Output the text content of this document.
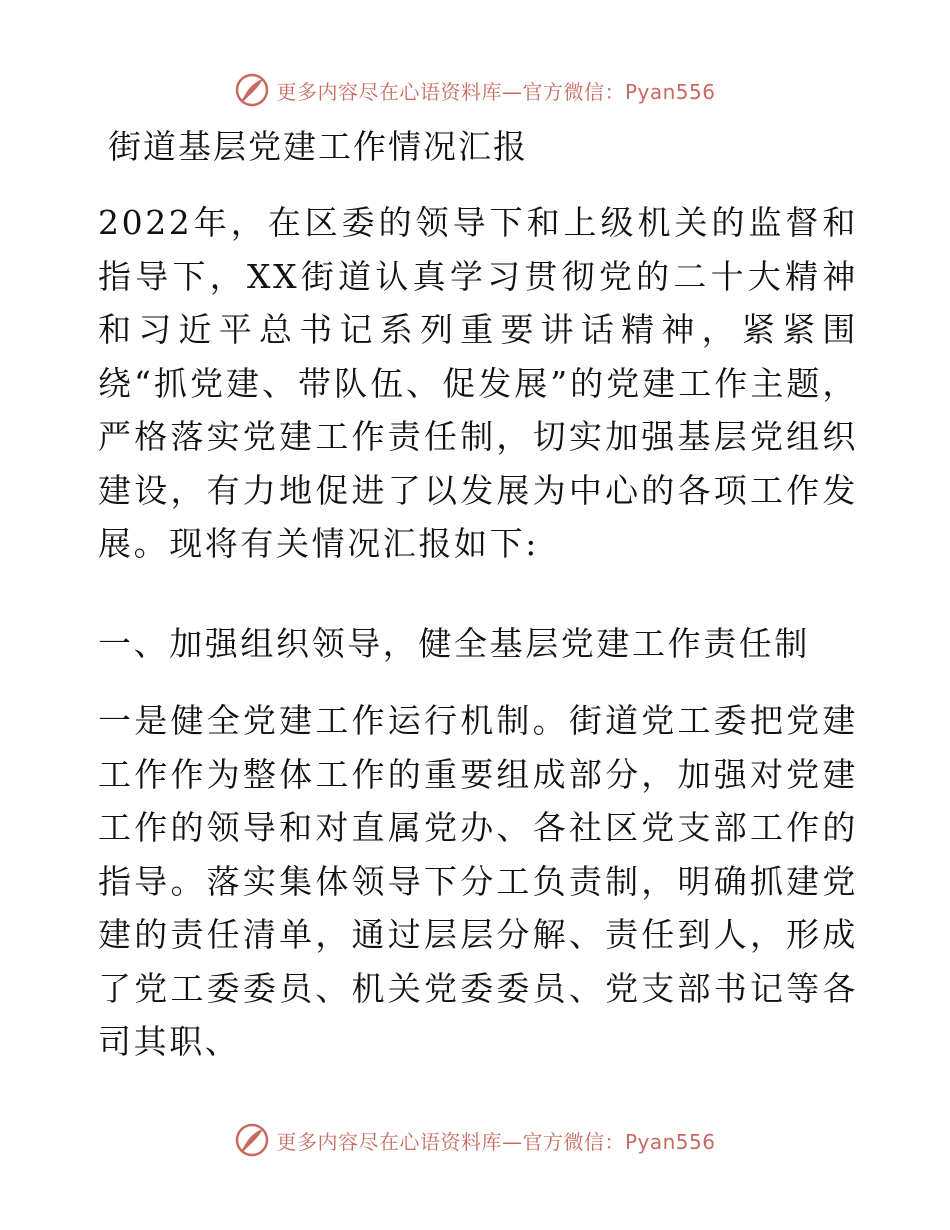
更多内容尽在心语资料库—官方微信：Pyan556
街道基层党建工作情况汇报

2022年，在区委的领导下和上级机关的监督和指导下，XX街道认真学习贯彻党的二十大精神和习近平总书记系列重要讲话精神，紧紧围绕“抓党建、带队伍、促发展”的党建工作主题，严格落实党建工作责任制，切实加强基层党组织建设，有力地促进了以发展为中心的各项工作发展。现将有关情况汇报如下:

一、加强组织领导，健全基层党建工作责任制

一是健全党建工作运行机制。街道党工委把党建工作作为整体工作的重要组成部分，加强对党建工作的领导和对直属党办、各社区党支部工作的指导。落实集体领导下分工负责制，明确抓建党建的责任清单，通过层层分解、责任到人，形成了党工委委员、机关党委委员、党支部书记等各司其职、

更多内容尽在心语资料库—官方微信：Pyan556
